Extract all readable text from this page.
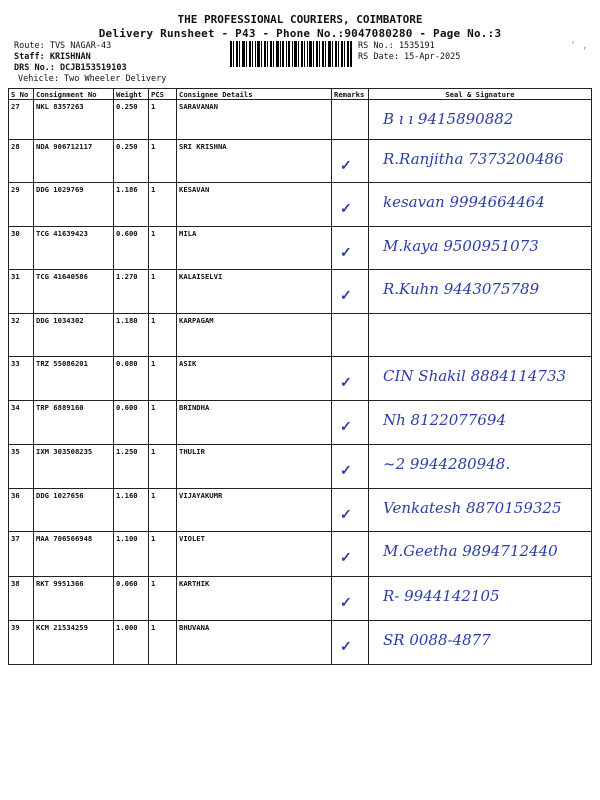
THE PROFESSIONAL COURIERS, COIMBATORE
Delivery Runsheet - P43 - Phone No.:9047080280 - Page No.:3
Route: TVS NAGAR-43
Staff: KRISHNAN
DRS No.: DCJB153519103
Vehicle: Two Wheeler Delivery
RS No.: 1535191
RS Date: 15-Apr-2025
' ,
S No	Consignment No	Weight	PCS	Consignee Details	Remarks	Seal & Signature
27	NKL 8357263	0.250	1	SARAVANAN		B ı ı 9415890882

28	NDA 906712117	0.250	1	SRI KRISHNA	✓	R.Ranjitha 7373200486

29	DDG 1029769	1.186	1	KESAVAN	✓	kesavan 9994664464

30	TCG 41639423	0.600	1	MILA	✓	M.kaya 9500951073

31	TCG 41640586	1.270	1	KALAISELVI	✓	R.Kuhn 9443075789

32	DDG 1034302	1.180	1	KARPAGAM	

33	TRZ 55086201	0.080	1	ASIK	✓	CIN Shakil 8884114733

34	TRP 6889160	0.600	1	BRINDHA	✓	Nh 8122077694

35	IXM 303508235	1.250	1	THULIR	✓	~2 9944280948.

36	DDG 1027656	1.160	1	VIJAYAKUMR	✓	Venkatesh 8870159325

37	MAA 706566948	1.100	1	VIOLET	✓	M.Geetha 9894712440

38	RKT 9951366	0.060	1	KARTHIK	✓	R- 9944142105

39	KCM 21534259	1.000	1	BHUVANA	✓	SR 0088-4877
